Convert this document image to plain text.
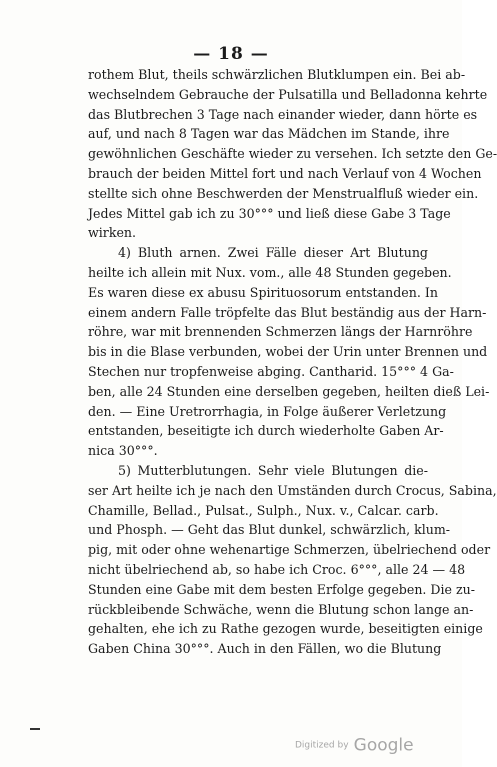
— 18 —
rothem Blut, theils schwärzlichen Blutklumpen ein. Bei ab-
wechselndem Gebrauche der Pulsatilla und Belladonna kehrte
das Blutbrechen 3 Tage nach einander wieder, dann hörte es
auf, und nach 8 Tagen war das Mädchen im Stande, ihre
gewöhnlichen Geschäfte wieder zu versehen. Ich setzte den Ge-
brauch der beiden Mittel fort und nach Verlauf von 4 Wochen
stellte sich ohne Beschwerden der Menstrualfluß wieder ein.
Jedes Mittel gab ich zu 30°°° und ließ diese Gabe 3 Tage
wirken.
4) Bluth arnen. Zwei Fälle dieser Art Blutung
heilte ich allein mit Nux. vom., alle 48 Stunden gegeben.
Es waren diese ex abusu Spirituosorum entstanden. In
einem andern Falle tröpfelte das Blut beständig aus der Harn-
röhre, war mit brennenden Schmerzen längs der Harnröhre
bis in die Blase verbunden, wobei der Urin unter Brennen und
Stechen nur tropfenweise abging. Cantharid. 15°°° 4 Ga-
ben, alle 24 Stunden eine derselben gegeben, heilten dieß Lei-
den. — Eine Uretrorrhagia, in Folge äußerer Verletzung
entstanden, beseitigte ich durch wiederholte Gaben Ar-
nica 30°°°.
5) Mutterblutungen. Sehr viele Blutungen die-
ser Art heilte ich je nach den Umständen durch Crocus, Sabina,
Chamille, Bellad., Pulsat., Sulph., Nux. v., Calcar. carb.
und Phosph. — Geht das Blut dunkel, schwärzlich, klum-
pig, mit oder ohne wehenartige Schmerzen, übelriechend oder
nicht übelriechend ab, so habe ich Croc. 6°°°, alle 24 — 48
Stunden eine Gabe mit dem besten Erfolge gegeben. Die zu-
rückbleibende Schwäche, wenn die Blutung schon lange an-
gehalten, ehe ich zu Rathe gezogen wurde, beseitigten einige
Gaben China 30°°°. Auch in den Fällen, wo die Blutung
Digitized by Google
